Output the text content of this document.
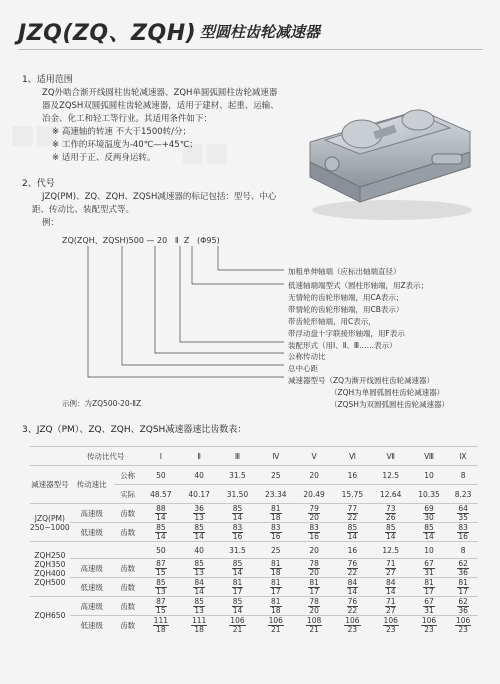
JZQ(ZQ、ZQH) 型圆柱齿轮减速器
■■■
■■
1、适用范围
ZQ外啮合渐开线圆柱齿轮减速器、ZQH单圆弧圆柱齿轮减速器
器及ZQSH双圆弧圆柱齿轮减速器，适用于建材、起重、运输、
冶金、化工和轻工等行业。其适用条件如下：
※ 高速轴的转速 不大于1500转/分；
※ 工作的环境温度为-40℃—+45℃；
※ 适用于正、反两身运转。
2、代号
JZQ(PM)、ZQ、ZQH、ZQSH减速器的标记包括：型号、中心
距、传动比、装配型式等。
例：
ZQ(ZQH、ZQSH)500 — 20   Ⅱ  Z   (Φ95)
加粗单伸轴端（应标出轴端直径）
低速轴端端型式（圆柱形轴端，用Z表示；
无情轮的齿轮形轴端，用CA表示；
带情轮的齿轮形轴端，用CB表示）
带齿轮形轴端，用C表示，
带浮动盘十字联接形轴端，用F表示
装配形式（用Ⅰ、Ⅱ、Ⅲ……表示）
公称传动比
总中心距
减速器型号（ZQ为渐开线圆柱齿轮减速器）
（ZQH为单圆弧圆柱齿轮减速器）
（ZQSH为双圆弧圆柱齿轮减速器）
示例：为ZQ500-20-ⅡZ
3、JZQ（PM）、ZQ、ZQH、ZQSH减速器速比齿数表：
	传动比代号		Ⅰ	Ⅱ	Ⅲ	Ⅳ	Ⅴ	Ⅵ	Ⅶ	Ⅷ	Ⅸ
减速器型号	传动速比	公称	50	40	31.5	25	20	16	12.5	10	8
		实际	48.57	40.17	31.50	23.34	20.49	15.75	12.64	10.35	8.23
JZQ(PM)
250~1000	高速级	齿数	$\frac{88}{14}$	$\frac{36}{13}$	$\frac{85}{14}$	$\frac{81}{18}$	$\frac{79}{20}$	$\frac{77}{22}$	$\frac{73}{26}$	$\frac{69}{30}$	$\frac{64}{35}$

	低速级	齿数	$\frac{85}{14}$	$\frac{85}{14}$	$\frac{83}{16}$	$\frac{83}{16}$	$\frac{83}{16}$	$\frac{85}{14}$	$\frac{85}{14}$	$\frac{85}{14}$	$\frac{83}{16}$

ZQH250
ZQH350
ZQH400
ZQH500			50	40	31.5	25	20	16	12.5	10	8
	高速级	齿数	$\frac{87}{15}$	$\frac{85}{13}$	$\frac{85}{14}$	$\frac{81}{18}$	$\frac{78}{20}$	$\frac{76}{22}$	$\frac{71}{27}$	$\frac{67}{31}$	$\frac{62}{36}$

	低速级	齿数	$\frac{85}{13}$	$\frac{84}{14}$	$\frac{81}{17}$	$\frac{81}{17}$	$\frac{81}{17}$	$\frac{84}{14}$	$\frac{84}{14}$	$\frac{81}{17}$	$\frac{81}{17}$

ZQH650	高速级	齿数	$\frac{87}{15}$	$\frac{85}{13}$	$\frac{85}{14}$	$\frac{81}{18}$	$\frac{78}{20}$	$\frac{76}{22}$	$\frac{71}{27}$	$\frac{67}{31}$	$\frac{62}{36}$

	低速级	齿数	$\frac{111}{18}$	$\frac{111}{18}$	$\frac{106}{21}$	$\frac{106}{21}$	$\frac{108}{21}$	$\frac{106}{23}$	$\frac{106}{23}$	$\frac{106}{23}$	$\frac{106}{23}$
